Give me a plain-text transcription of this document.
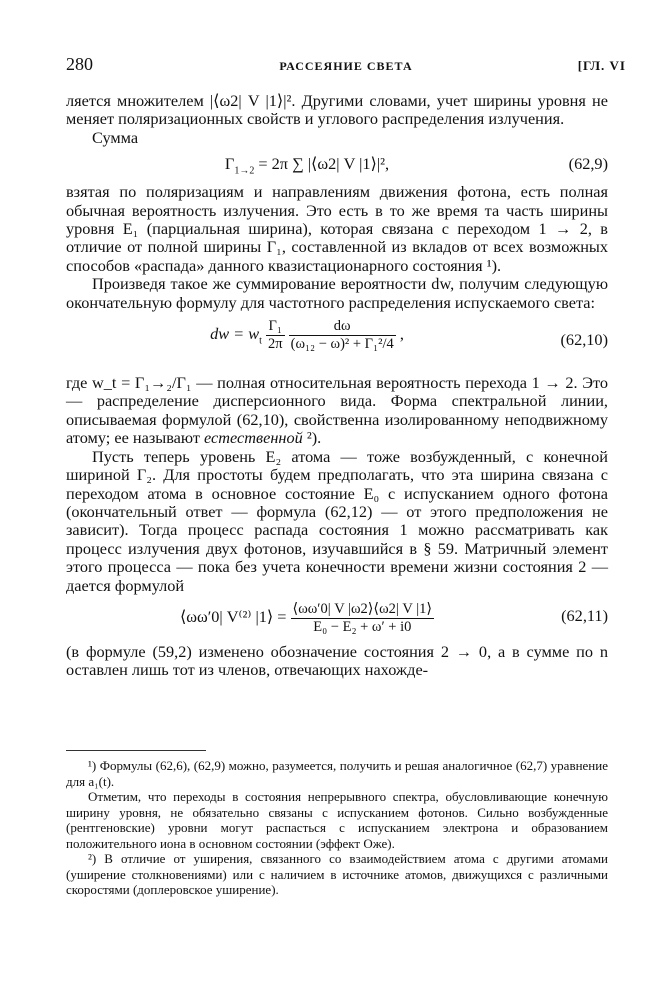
280	РАССЕЯНИЕ СВЕТА	[ГЛ. VI

ляется множителем |⟨ω2| V |1⟩|². Другими словами, учет ширины уровня не меняет поляризационных свойств и углового распределения излучения.

Сумма

$\Gamma_{1\to 2} = 2\pi$ ∑ |⟨ω2| V |1⟩|²,	(62,9)

взятая по поляризациям и направлениям движения фотона, есть полная обычная вероятность излучения. Это есть в то же время та часть ширины уровня E₁ (парциальная ширина), которая связана с переходом 1 → 2, в отличие от полной ширины Γ₁, составленной из вкладов от всех возможных способов «распада» данного квазистационарного состояния ¹).

Произведя такое же суммирование вероятности dw, получим следующую окончательную формулу для частотного распределения испускаемого света:

dw = $w_t \frac{\text{Γ₁}}{2\pi}$
$\frac{d\omega}{\text{(ω₁₂ − ω)² + Γ₁²/4}}$ ,	(62,10)

где w_t = Γ₁→₂/Γ₁ — полная относительная вероятность перехода 1 → 2. Это — распределение дисперсионного вида. Форма спектральной линии, описываемая формулой (62,10), свойственна изолированному неподвижному атому; ее называют естественной ²).

Пусть теперь уровень E₂ атома — тоже возбужденный, с конечной шириной Γ₂. Для простоты будем предполагать, что эта ширина связана с переходом атома в основное состояние E₀ с испусканием одного фотона (окончательный ответ — формула (62,12) — от этого предположения не зависит). Тогда процесс распада состояния 1 можно рассматривать как процесс излучения двух фотонов, изучавшийся в § 59. Матричный элемент этого процесса — пока без учета конечности времени жизни состояния 2 — дается формулой

⟨ωω′0| V⁽²⁾ |1⟩ = $\frac{⟨\omega\omega'0| V |\omega 2⟩⟨\omega 2| V |1⟩}{\text{E₀ − E₂ + ω′ + i0}}$	(62,11)

(в формуле (59,2) изменено обозначение состояния 2 → 0, а в сумме по n оставлен лишь тот из членов, отвечающих нахожде-

¹) Формулы (62,6), (62,9) можно, разумеется, получить и решая аналогичное (62,7) уравнение для a₁(t).

Отметим, что переходы в состояния непрерывного спектра, обусловливающие конечную ширину уровня, не обязательно связаны с испусканием фотонов. Сильно возбужденные (рентгеновские) уровни могут распасться с испусканием электрона и образованием положительного иона в основном состоянии (эффект Оже).

²) В отличие от уширения, связанного со взаимодействием атома с другими атомами (уширение столкновениями) или с наличием в источнике атомов, движущихся с различными скоростями (доплеровское уширение).
